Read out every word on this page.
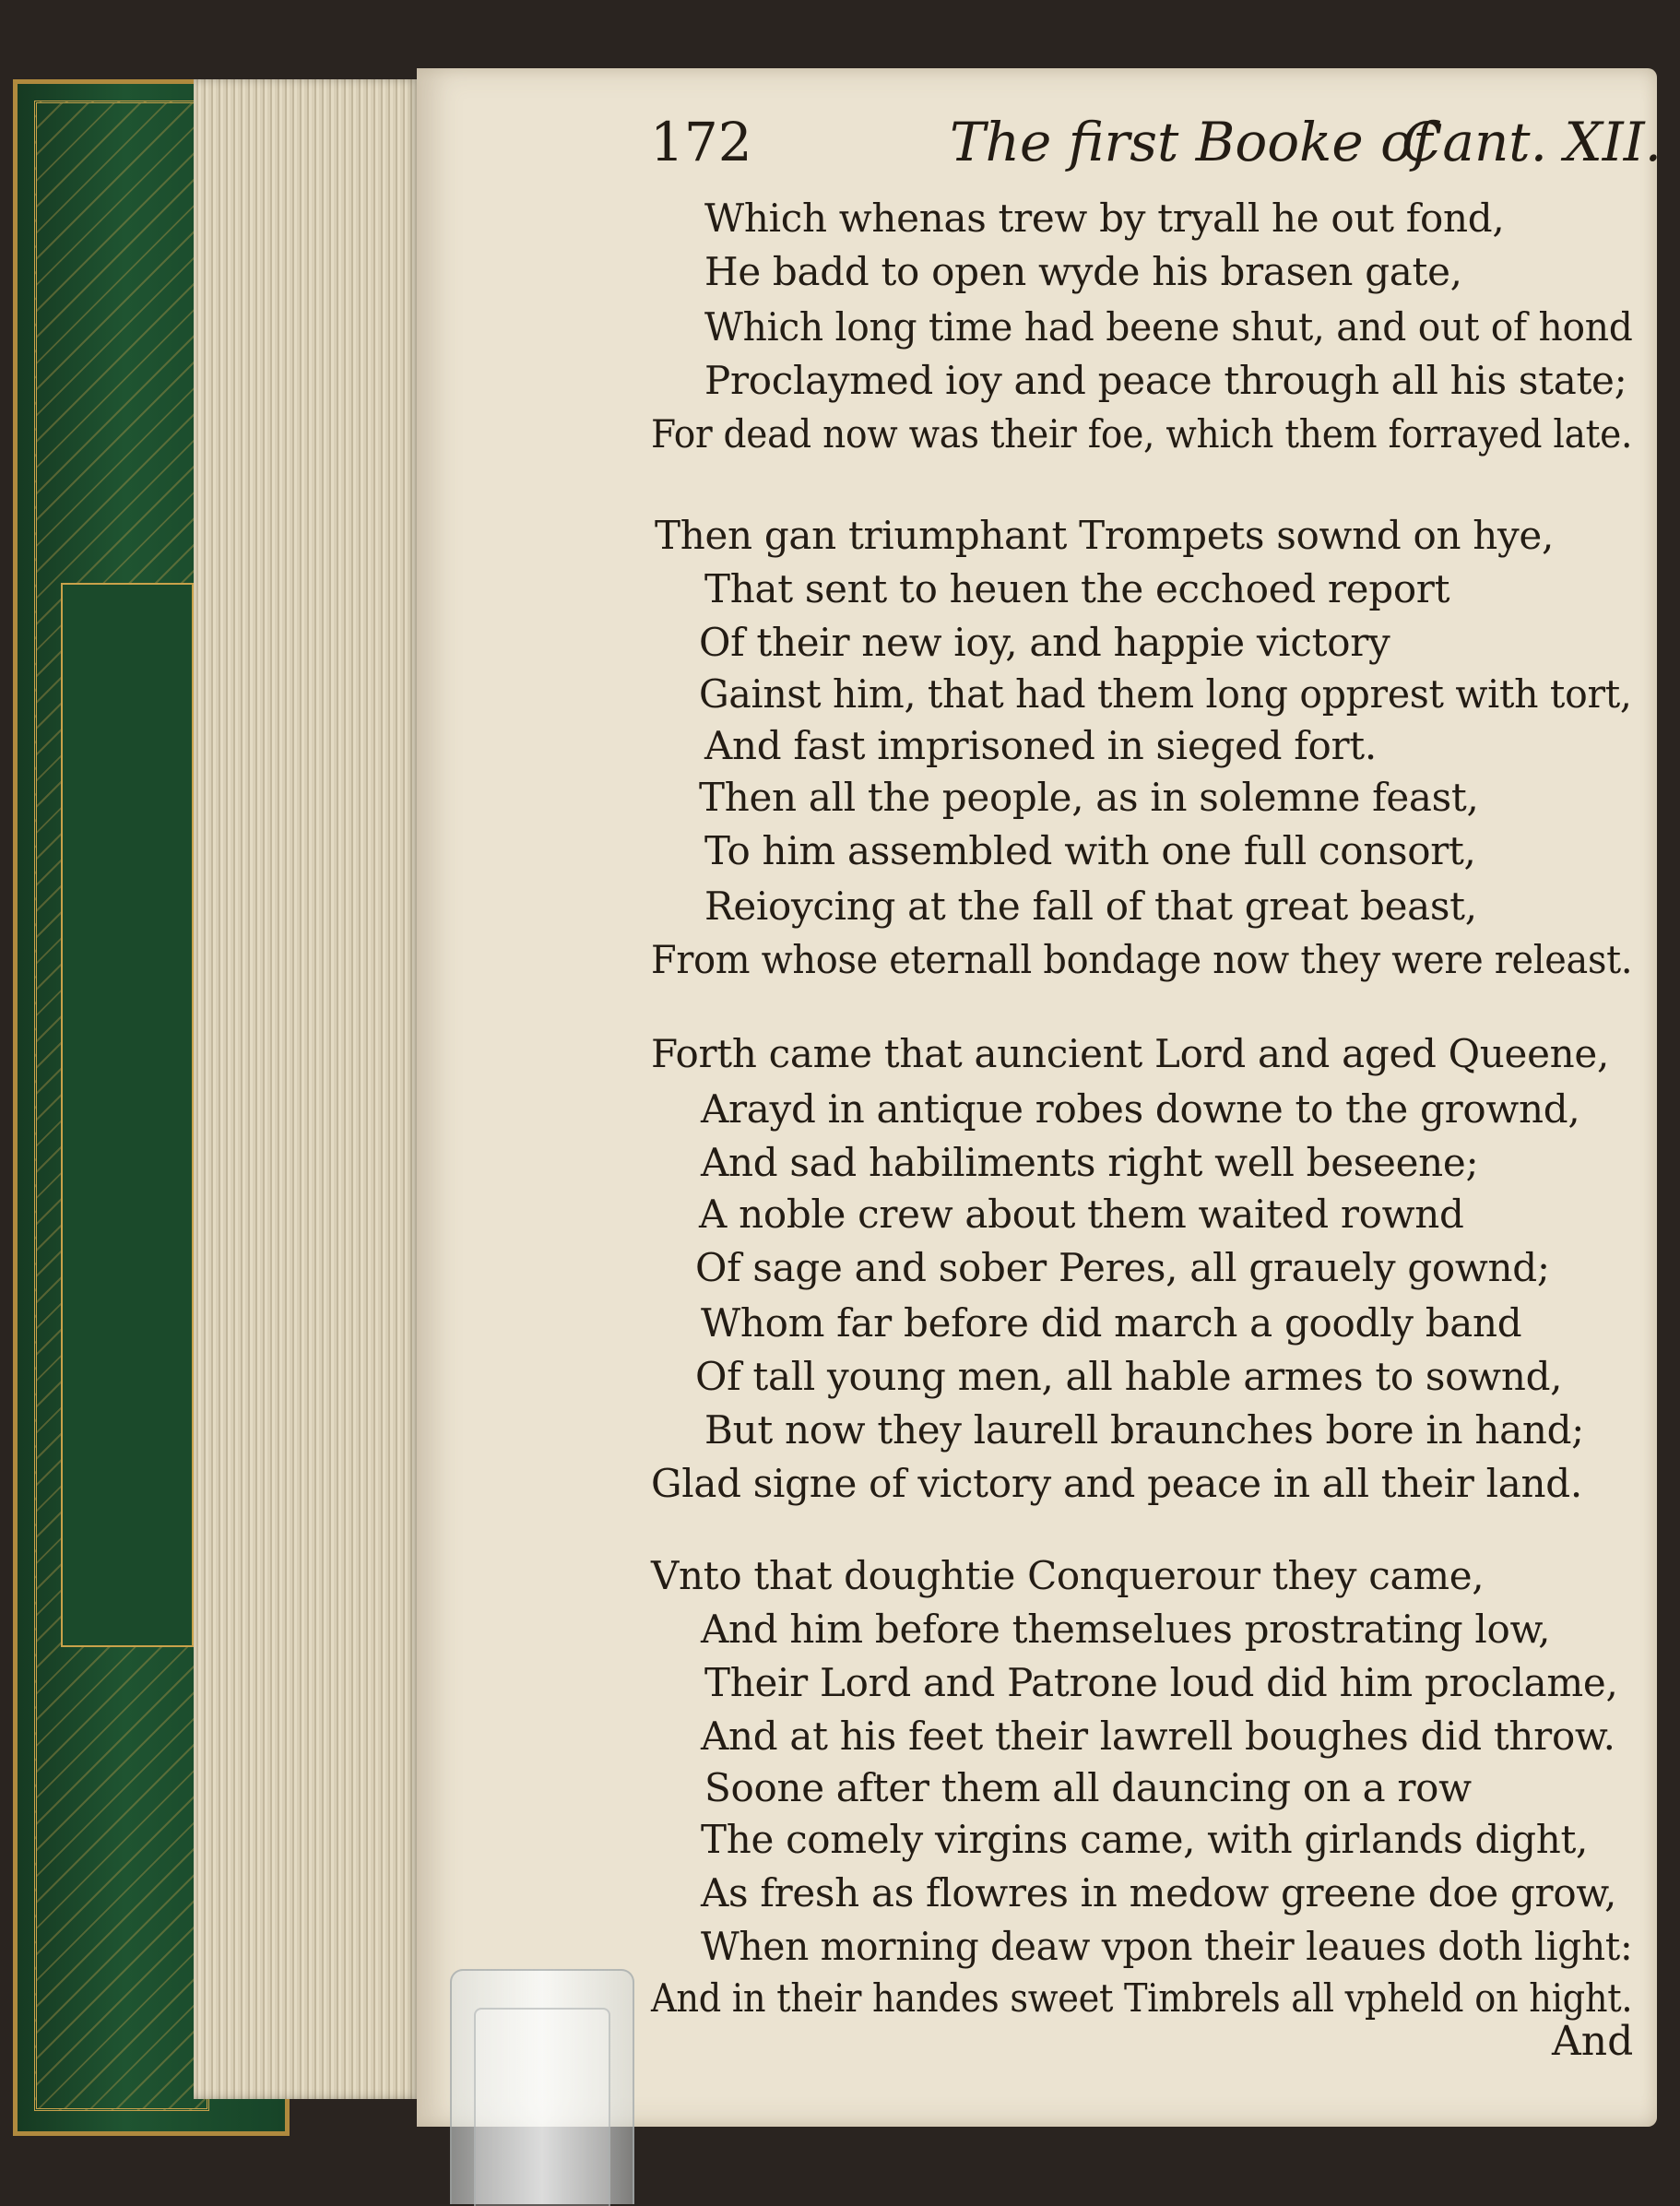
172	The first Booke of
Cant. XII.
Which whenas trew by tryall he out fond,
He badd to open wyde his brasen gate,
Which long time had beene shut, and out of hond
Proclaymed ioy and peace through all his state;
For dead now was their foe, which them forrayed late.
Then gan triumphant Trompets sownd on hye,
That sent to heuen the ecchoed report
Of their new ioy, and happie victory
Gainst him, that had them long opprest with tort,
And fast imprisoned in sieged fort.
Then all the people, as in solemne feast,
To him assembled with one full consort,
Reioycing at the fall of that great beast,
From whose eternall bondage now they were releast.
Forth came that auncient Lord and aged Queene,
Arayd in antique robes downe to the grownd,
And sad habiliments right well beseene;
A noble crew about them waited rownd
Of sage and sober Peres, all grauely gownd;
Whom far before did march a goodly band
Of tall young men, all hable armes to sownd,
But now they laurell braunches bore in hand;
Glad signe of victory and peace in all their land.
Vnto that doughtie Conquerour they came,
And him before themselues prostrating low,
Their Lord and Patrone loud did him proclame,
And at his feet their lawrell boughes did throw.
Soone after them all dauncing on a row
The comely virgins came, with girlands dight,
As fresh as flowres in medow greene doe grow,
When morning deaw vpon their leaues doth light:
And in their handes sweet Timbrels all vpheld on hight.
And
